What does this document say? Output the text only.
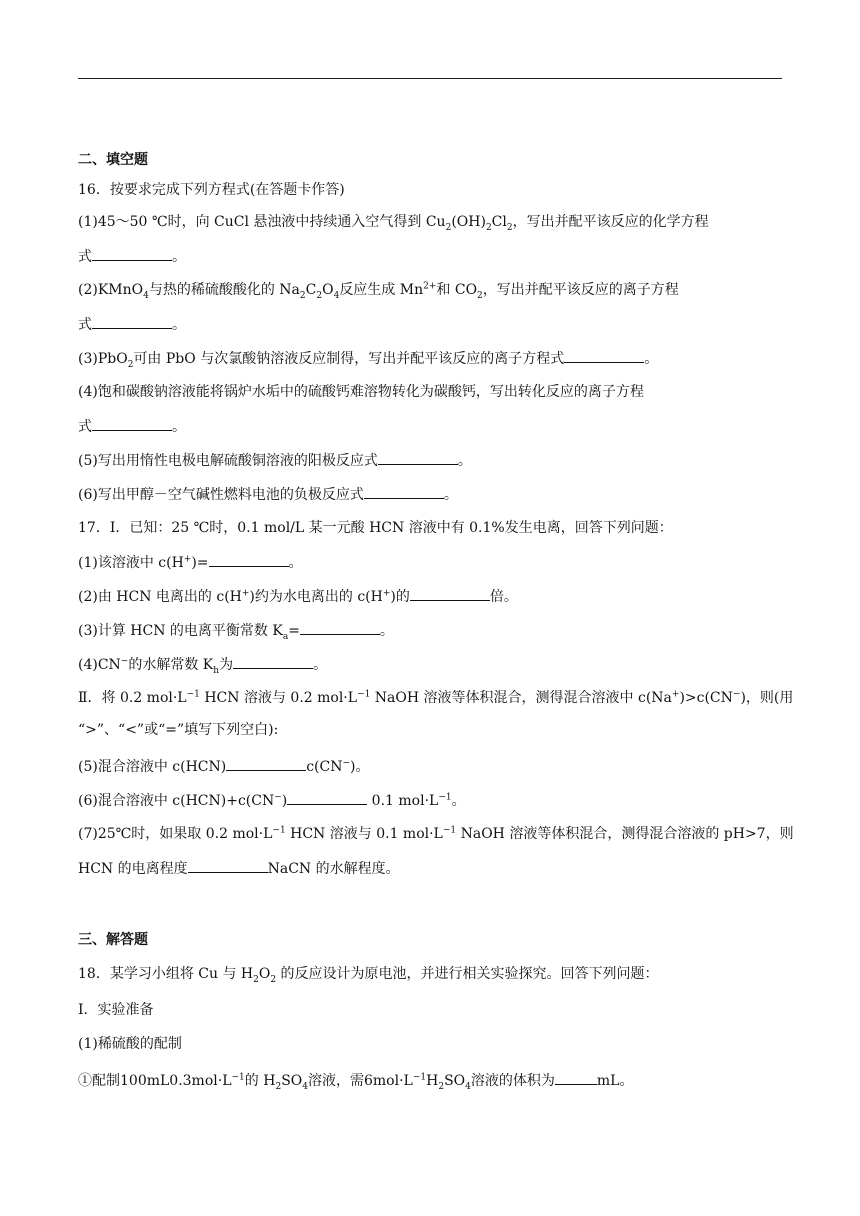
二、填空题
16．按要求完成下列方程式(在答题卡作答)
(1)45～50 ℃时，向 CuCl 悬浊液中持续通入空气得到 $Cu_2(OH)_2Cl_2$，写出并配平该反应的化学方程
式	。
(2)KMnO$_4$与热的稀硫酸酸化的 $Na_2C_2O_4$反应生成 $Mn^{2+}$和 $CO_2$，写出并配平该反应的离子方程
式	。
(3)PbO$_2$可由 PbO 与次氯酸钠溶液反应制得，写出并配平该反应的离子方程式	。
(4)饱和碳酸钠溶液能将锅炉水垢中的硫酸钙难溶物转化为碳酸钙，写出转化反应的离子方程
式	。
(5)写出用惰性电极电解硫酸铜溶液的阳极反应式	。
(6)写出甲醇－空气碱性燃料电池的负极反应式	。
17．Ⅰ．已知：25 ℃时，0.1 mol/L 某一元酸 HCN 溶液中有 0.1%发生电离，回答下列问题：
(1)该溶液中 c(H+)=	。
(2)由 HCN 电离出的 c(H+)约为水电离出的 c(H+)的	倍。
(3)计算 HCN 的电离平衡常数 $K_a=$	。
(4)CN−的水解常数 $K_h$为	。
Ⅱ．将 0.2 $mol\cdot L^{-1}$ HCN 溶液与 0.2 $mol\cdot L^{-1}$ NaOH 溶液等体积混合，测得混合溶液中 c(Na+)>c(CN−)，则(用
“>”、“<”或“=”填写下列空白):
(5)混合溶液中 c(HCN)	c(CN−)。
(6)混合溶液中 c(HCN)+c(CN−)	0.1 $mol\cdot L^{-1}$。
(7)25℃时，如果取 0.2 $mol\cdot L^{-1}$ HCN 溶液与 0.1 $mol\cdot L^{-1}$ NaOH 溶液等体积混合，测得混合溶液的 pH>7，则
HCN 的电离程度	NaCN 的水解程度。
三、解答题
18．某学习小组将 Cu 与 $H_2O_2$ 的反应设计为原电池，并进行相关实验探究。回答下列问题：
I．实验准备
(1)稀硫酸的配制
①配制$100mL0.3mol\cdot L^{-1}$的 $H_2SO_4$溶液，需$6mol\cdot L^{-1}H_2SO_4$溶液的体积为	mL。
